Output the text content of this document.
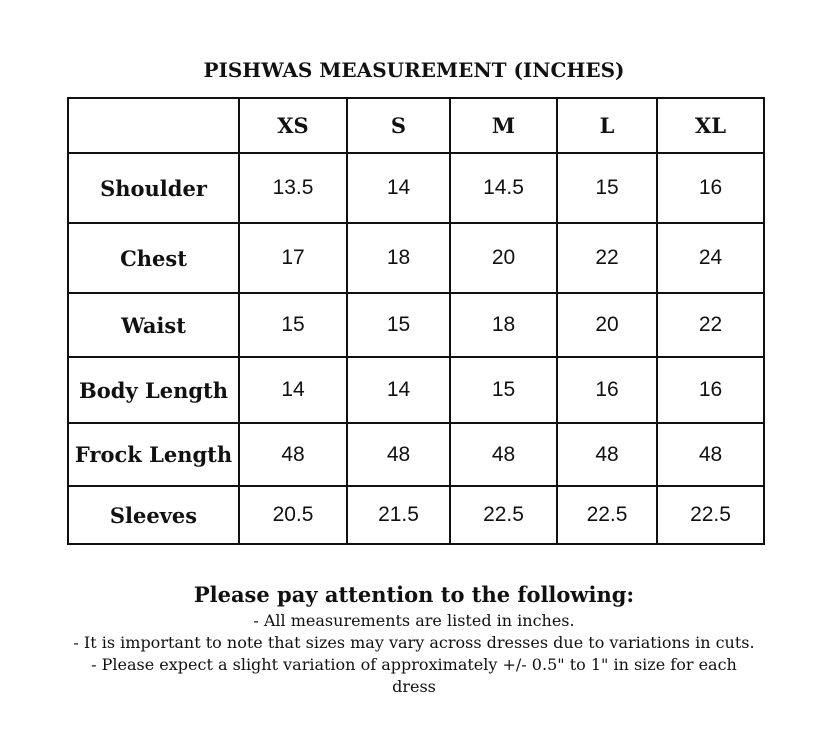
PISHWAS MEASUREMENT (INCHES)
	XS	S	M	L	XL
Shoulder	13.5	14	14.5	15	16
Chest	17	18	20	22	24
Waist	15	15	18	20	22
Body Length	14	14	15	16	16
Frock Length	48	48	48	48	48
Sleeves	20.5	21.5	22.5	22.5	22.5
Please pay attention to the following:
- All measurements are listed in inches.
- It is important to note that sizes may vary across dresses due to variations in cuts.
- Please expect a slight variation of approximately +/- 0.5" to 1" in size for each
dress
